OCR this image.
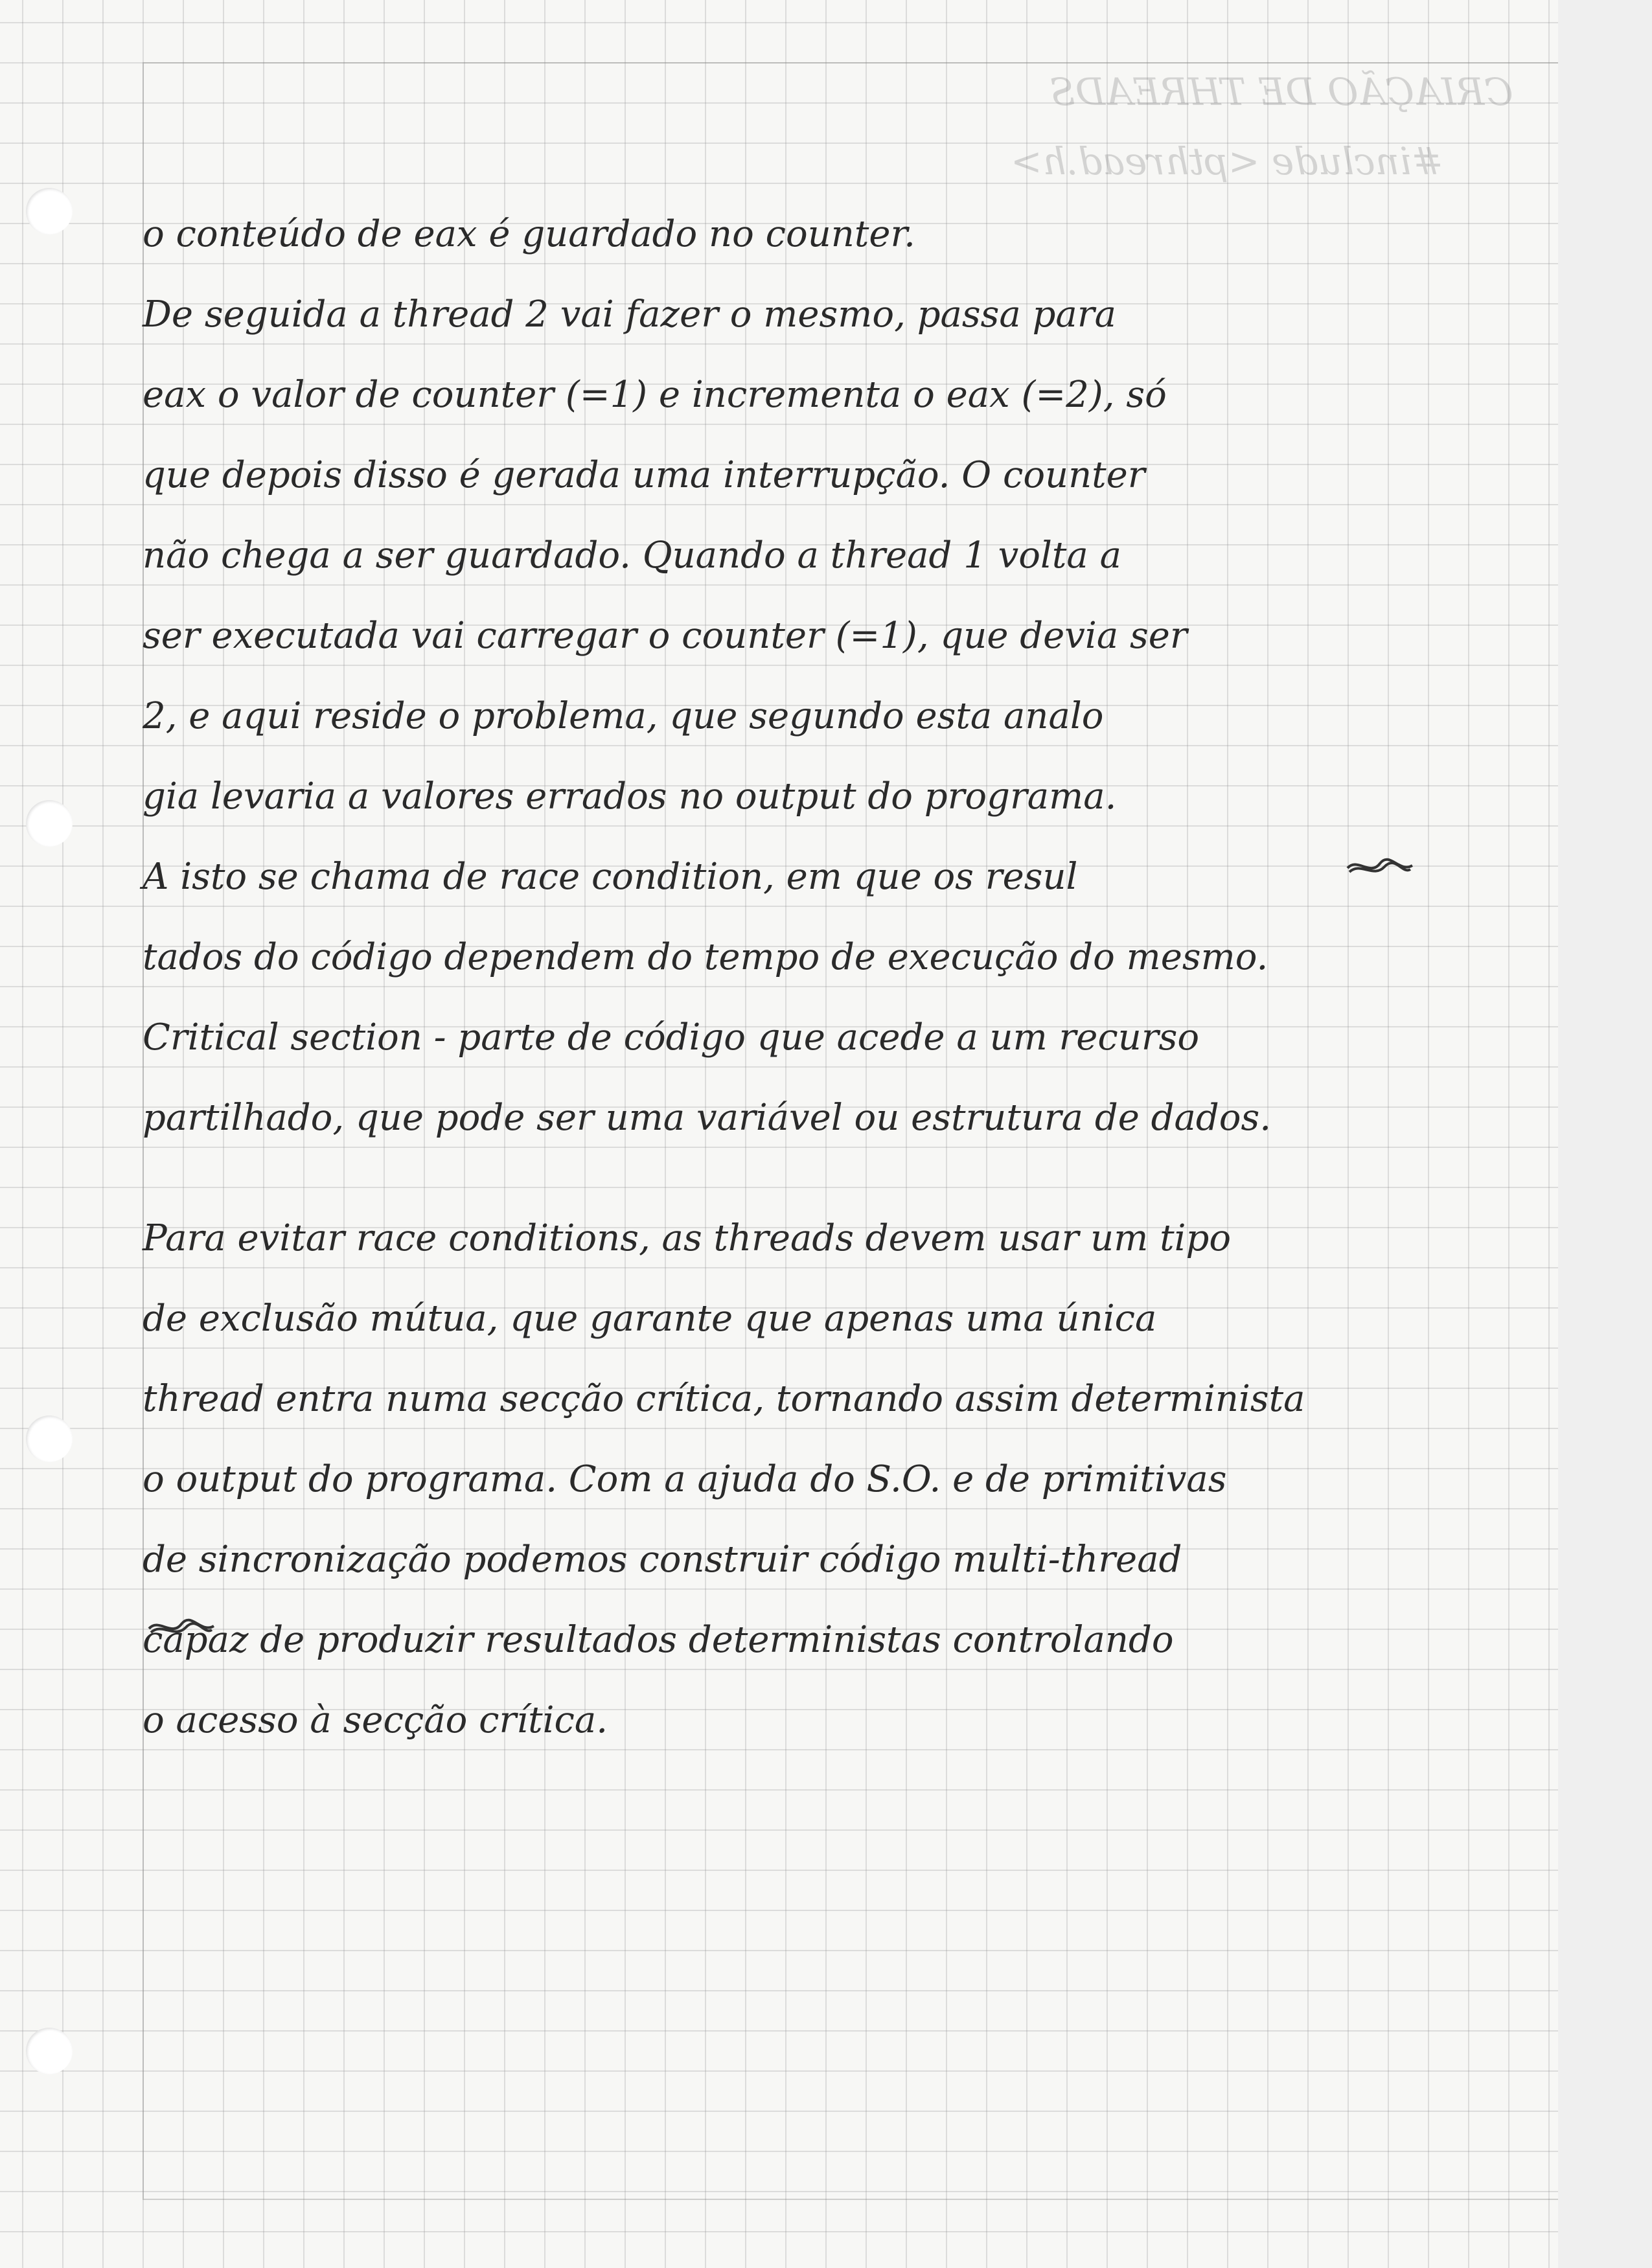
CRIAÇÃO DE THREADS
#include <pthread.h>
o conteúdo de eax é guardado no counter.
De seguida a thread 2 vai fazer o mesmo, passa para
eax o valor de counter (=1) e incrementa o eax (=2), só
que depois disso é gerada uma interrupção. O counter
não chega a ser guardado. Quando a thread 1 volta a
ser executada vai carregar o counter (=1), que devia ser
2, e aqui reside o problema, que segundo esta analo
gia levaria a valores errados no output do programa.
A isto se chama de race condition, em que os resul
tados do código dependem do tempo de execução do mesmo.
Critical section - parte de código que acede a um recurso
partilhado, que pode ser uma variável ou estrutura de dados.
Para evitar race conditions, as threads devem usar um tipo
de exclusão mútua, que garante que apenas uma única
thread entra numa secção crítica, tornando assim determinista
o output do programa. Com a ajuda do S.O. e de primitivas
de sincronização podemos construir código multi-thread
capaz de produzir resultados deterministas controlando
o acesso à secção crítica.
